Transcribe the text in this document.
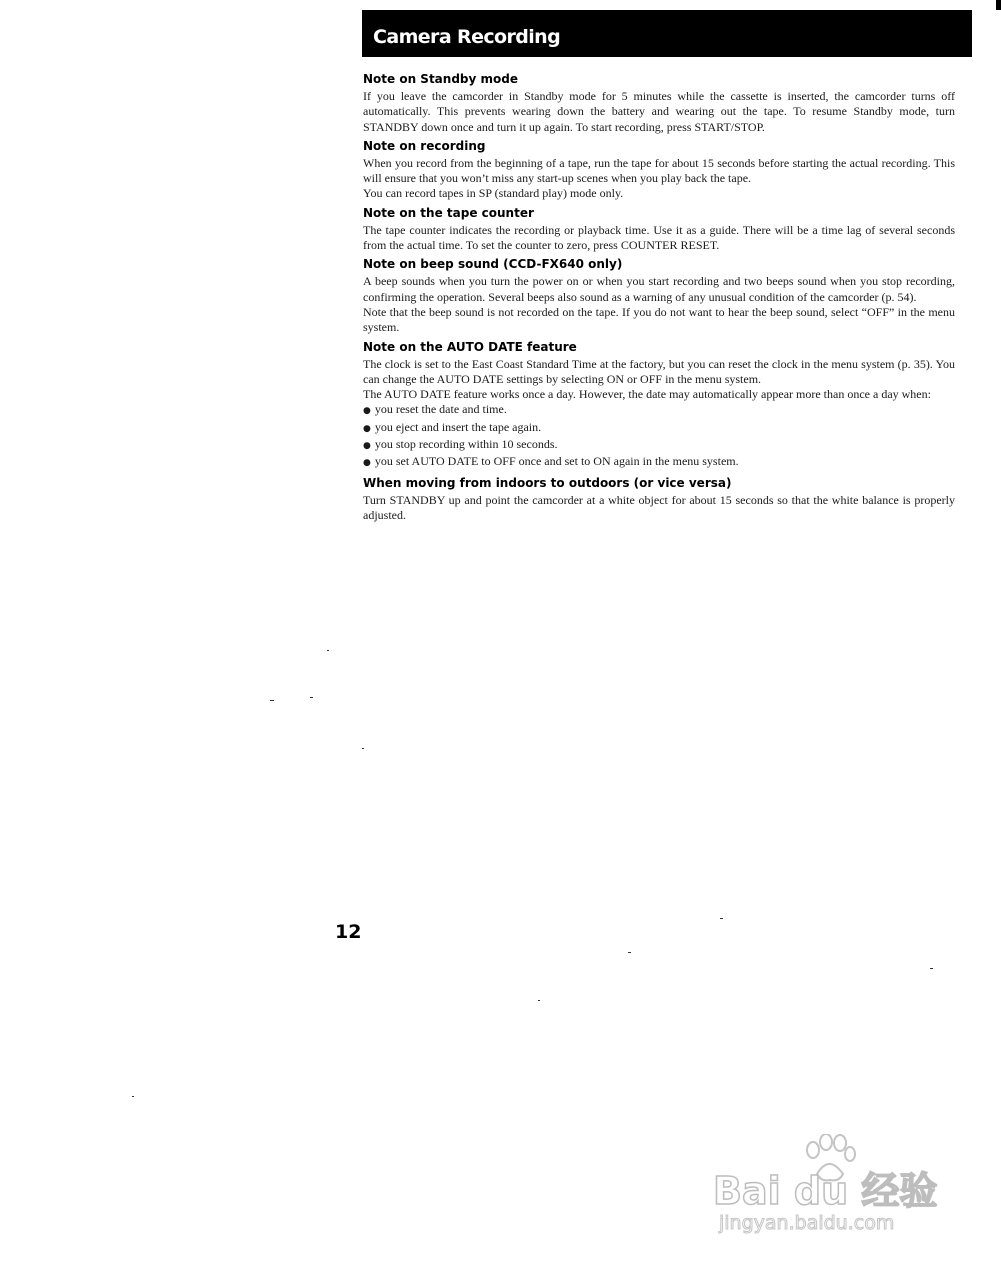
Camera Recording
Note on Standby mode

If you leave the camcorder in Standby mode for 5 minutes while the cassette is inserted, the camcorder turns off automatically. This prevents wearing down the battery and wearing out the tape. To resume Standby mode, turn STANDBY down once and turn it up again. To start recording, press START/STOP.

Note on recording

When you record from the beginning of a tape, run the tape for about 15 seconds before starting the actual recording. This will ensure that you won’t miss any start-up scenes when you play back the tape.

You can record tapes in SP (standard play) mode only.

Note on the tape counter

The tape counter indicates the recording or playback time. Use it as a guide. There will be a time lag of several seconds from the actual time. To set the counter to zero, press COUNTER RESET.

Note on beep sound (CCD-FX640 only)

A beep sounds when you turn the power on or when you start recording and two beeps sound when you stop recording, confirming the operation. Several beeps also sound as a warning of any unusual condition of the camcorder (p. 54).

Note that the beep sound is not recorded on the tape. If you do not want to hear the beep sound, select “OFF” in the menu system.

Note on the AUTO DATE feature

The clock is set to the East Coast Standard Time at the factory, but you can reset the clock in the menu system (p. 35). You can change the AUTO DATE settings by selecting ON or OFF in the menu system.

The AUTO DATE feature works once a day. However, the date may automatically appear more than once a day when:

● you reset the date and time.
● you eject and insert the tape again.
● you stop recording within 10 seconds.
● you set AUTO DATE to OFF once and set to ON again in the menu system.
When moving from indoors to outdoors (or vice versa)

Turn STANDBY up and point the camcorder at a white object for about 15 seconds so that the white balance is properly adjusted.

12
Bai du 经验
jingyan.baidu.com
